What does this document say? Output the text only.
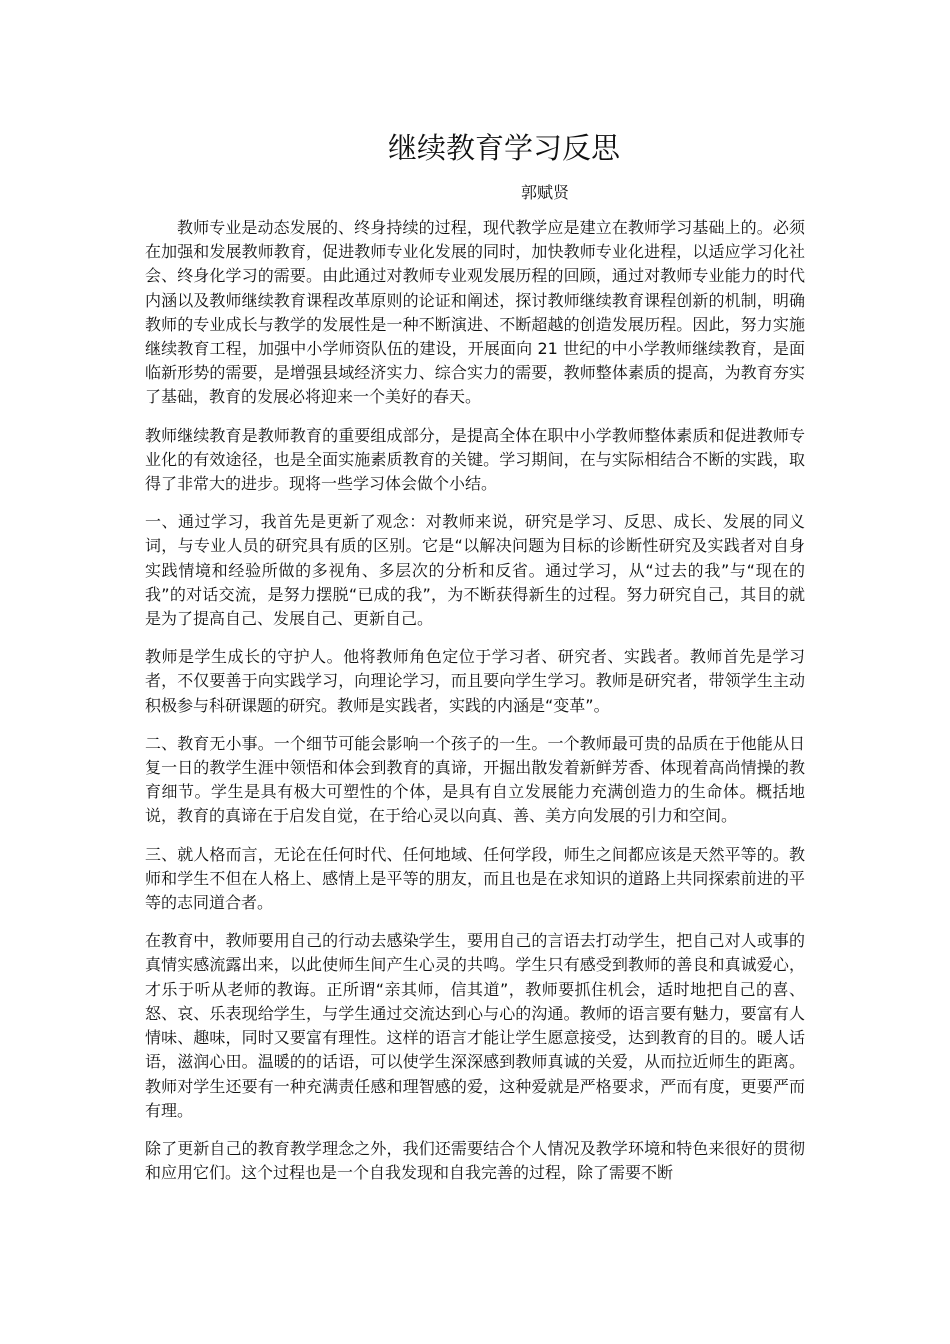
继续教育学习反思
郭赋贤

教师专业是动态发展的、终身持续的过程，现代教学应是建立在教师学习基础上的。必须在加强和发展教师教育，促进教师专业化发展的同时，加快教师专业化进程，以适应学习化社会、终身化学习的需要。由此通过对教师专业观发展历程的回顾，通过对教师专业能力的时代内涵以及教师继续教育课程改革原则的论证和阐述，探讨教师继续教育课程创新的机制，明确教师的专业成长与教学的发展性是一种不断演进、不断超越的创造发展历程。因此，努力实施继续教育工程，加强中小学师资队伍的建设，开展面向 21 世纪的中小学教师继续教育，是面临新形势的需要，是增强县域经济实力、综合实力的需要，教师整体素质的提高，为教育夯实了基础，教育的发展必将迎来一个美好的春天。

教师继续教育是教师教育的重要组成部分，是提高全体在职中小学教师整体素质和促进教师专业化的有效途径，也是全面实施素质教育的关键。学习期间，在与实际相结合不断的实践，取得了非常大的进步。现将一些学习体会做个小结。

一、通过学习，我首先是更新了观念：对教师来说，研究是学习、反思、成长、发展的同义词，与专业人员的研究具有质的区别。它是“以解决问题为目标的诊断性研究及实践者对自身实践情境和经验所做的多视角、多层次的分析和反省。通过学习，从“过去的我”与“现在的我”的对话交流，是努力摆脱“已成的我”，为不断获得新生的过程。努力研究自己，其目的就是为了提高自己、发展自己、更新自己。

教师是学生成长的守护人。他将教师角色定位于学习者、研究者、实践者。教师首先是学习者，不仅要善于向实践学习，向理论学习，而且要向学生学习。教师是研究者，带领学生主动积极参与科研课题的研究。教师是实践者，实践的内涵是“变革”。

二、教育无小事。一个细节可能会影响一个孩子的一生。一个教师最可贵的品质在于他能从日复一日的教学生涯中领悟和体会到教育的真谛，开掘出散发着新鲜芳香、体现着高尚情操的教育细节。学生是具有极大可塑性的个体，是具有自立发展能力充满创造力的生命体。概括地说，教育的真谛在于启发自觉，在于给心灵以向真、善、美方向发展的引力和空间。

三、就人格而言，无论在任何时代、任何地域、任何学段，师生之间都应该是天然平等的。教师和学生不但在人格上、感情上是平等的朋友，而且也是在求知识的道路上共同探索前进的平等的志同道合者。

在教育中，教师要用自己的行动去感染学生，要用自己的言语去打动学生，把自己对人或事的真情实感流露出来，以此使师生间产生心灵的共鸣。学生只有感受到教师的善良和真诚爱心，才乐于听从老师的教诲。正所谓“亲其师，信其道”，教师要抓住机会，适时地把自己的喜、怒、哀、乐表现给学生，与学生通过交流达到心与心的沟通。教师的语言要有魅力，要富有人情味、趣味，同时又要富有理性。这样的语言才能让学生愿意接受，达到教育的目的。暖人话语，滋润心田。温暖的的话语，可以使学生深深感到教师真诚的关爱，从而拉近师生的距离。教师对学生还要有一种充满责任感和理智感的爱，这种爱就是严格要求，严而有度，更要严而有理。

除了更新自己的教育教学理念之外，我们还需要结合个人情况及教学环境和特色来很好的贯彻和应用它们。这个过程也是一个自我发现和自我完善的过程，除了需要不断
